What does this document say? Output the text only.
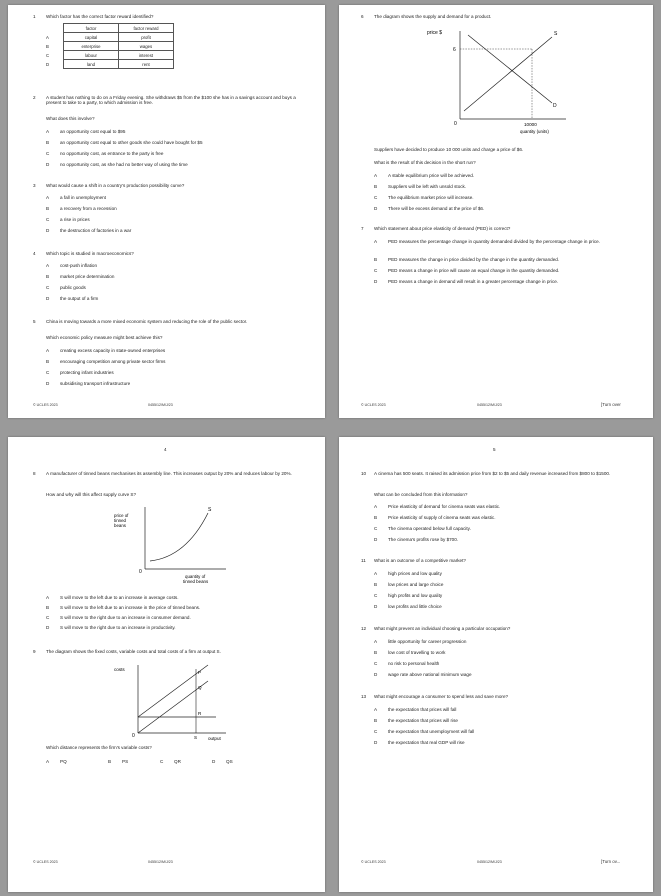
1 Which factor has the correct factor reward identified?
	factor	factor reward
A	capital	profit
B	enterprise	wages
C	labour	interest
D	land	rent
2 A student has nothing to do on a Friday evening. She withdraws $5 from the $100 she has in a savings account and buys a present to take to a party, to which admission is free.
What does this involve?
A an opportunity cost equal to $95
B an opportunity cost equal to other goods she could have bought for $5
C no opportunity cost, as entrance to the party is free
D no opportunity cost, as she had no better way of using the time
3 What would cause a shift in a country's production possibility curve?
A a fall in unemployment
B a recovery from a recession
C a rise in prices
D the destruction of factories in a war
4 Which topic is studied in macroeconomics?
A cost-push inflation
B market price determination
C public goods
D the output of a firm
5 China is moving towards a more mixed economic system and reducing the role of the public sector.
Which economic policy measure might best achieve this?
A creating excess capacity in state-owned enterprises
B encouraging competition among private sector firms
C protecting infant industries
D subsidising transport infrastructure
© UCLES 2023	0455/12/M/J/23
6 The diagram shows the supply and demand for a product.
price $
6
S
D
0	10000
quantity (units)
Suppliers have decided to produce 10 000 units and charge a price of $6.
What is the result of this decision in the short run?
A A stable equilibrium price will be achieved.
B Suppliers will be left with unsold stock.
C The equilibrium market price will increase.
D There will be excess demand at the price of $6.
7 Which statement about price elasticity of demand (PED) is correct?
A	PED measures the percentage change in quantity demanded divided by the percentage change in price.
B PED measures the change in price divided by the change in the quantity demanded.
C PED means a change in price will cause an equal change in the quantity demanded.
D PED means a change in demand will result in a greater percentage change in price.
© UCLES 2023	0455/12/M/J/23	[Turn over
4
8 A manufacturer of tinned beans mechanises its assembly line. This increases output by 20% and reduces labour by 20%.
How and why will this affect supply curve S?
price of
tinned
beans
S
0
quantity of
tinned beans
A S will move to the left due to an increase in average costs.
B S will move to the left due to an increase in the price of tinned beans.
C S will move to the right due to an increase in consumer demand.
D S will move to the right due to an increase in productivity.
9 The diagram shows the fixed costs, variable costs and total costs of a firm at output S.
costs
P
Q
R
S
0	output
Which distance represents the firm's variable costs?
A PQ	B PS	C QR	D QS
© UCLES 2023	0455/12/M/J/23
5
10 A cinema has 500 seats. It raised its admission price from $2 to $5 and daily revenue increased from $800 to $1500.
What can be concluded from this information?
A Price elasticity of demand for cinema seats was elastic.
B Price elasticity of supply of cinema seats was elastic.
C The cinema operated below full capacity.
D The cinema's profits rose by $700.
11 What is an outcome of a competitive market?
A high prices and low quality
B low prices and large choice
C high profits and low quality
D low profits and little choice
12 What might prevent an individual choosing a particular occupation?
A little opportunity for career progression
B low cost of travelling to work
C no risk to personal health
D wage rate above national minimum wage
13 What might encourage a consumer to spend less and save more?
A the expectation that prices will fall
B the expectation that prices will rise
C the expectation that unemployment will fall
D the expectation that real GDP will rise
© UCLES 2023	0455/12/M/J/23	[Turn ov...
